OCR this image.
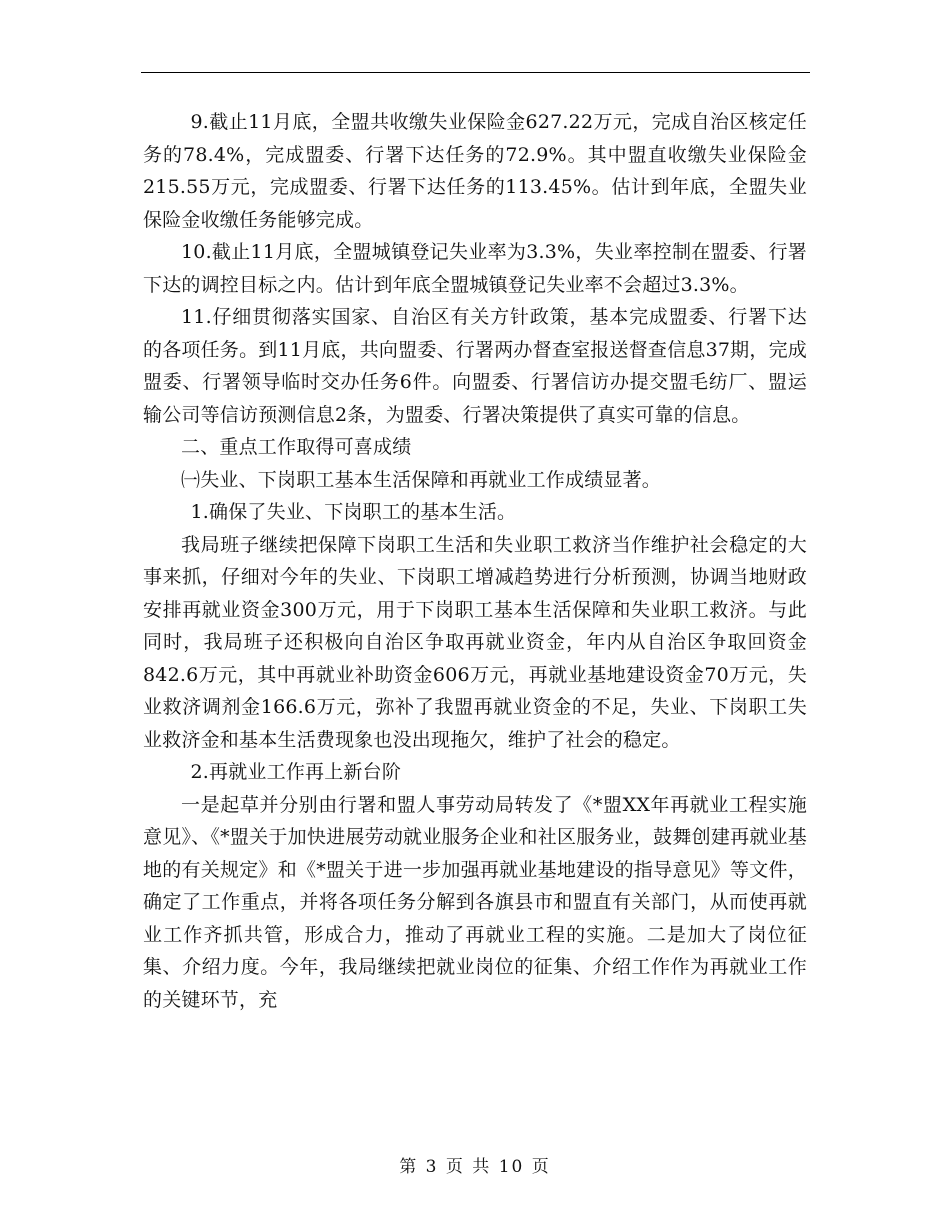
9.截止11月底，全盟共收缴失业保险金627.22万元，完成自治区核定任务的78.4%，完成盟委、行署下达任务的72.9%。其中盟直收缴失业保险金215.55万元，完成盟委、行署下达任务的113.45%。估计到年底，全盟失业保险金收缴任务能够完成。

10.截止11月底，全盟城镇登记失业率为3.3%，失业率控制在盟委、行署下达的调控目标之内。估计到年底全盟城镇登记失业率不会超过3.3%。

11.仔细贯彻落实国家、自治区有关方针政策，基本完成盟委、行署下达的各项任务。到11月底，共向盟委、行署两办督查室报送督查信息37期，完成盟委、行署领导临时交办任务6件。向盟委、行署信访办提交盟毛纺厂、盟运输公司等信访预测信息2条，为盟委、行署决策提供了真实可靠的信息。

二、重点工作取得可喜成绩

㈠失业、下岗职工基本生活保障和再就业工作成绩显著。

1.确保了失业、下岗职工的基本生活。

我局班子继续把保障下岗职工生活和失业职工救济当作维护社会稳定的大事来抓，仔细对今年的失业、下岗职工增减趋势进行分析预测，协调当地财政安排再就业资金300万元，用于下岗职工基本生活保障和失业职工救济。与此同时，我局班子还积极向自治区争取再就业资金，年内从自治区争取回资金842.6万元，其中再就业补助资金606万元，再就业基地建设资金70万元，失业救济调剂金166.6万元，弥补了我盟再就业资金的不足，失业、下岗职工失业救济金和基本生活费现象也没出现拖欠，维护了社会的稳定。

2.再就业工作再上新台阶

一是起草并分别由行署和盟人事劳动局转发了《*盟XX年再就业工程实施意见》、《*盟关于加快进展劳动就业服务企业和社区服务业，鼓舞创建再就业基地的有关规定》和《*盟关于进一步加强再就业基地建设的指导意见》等文件，确定了工作重点，并将各项任务分解到各旗县市和盟直有关部门，从而使再就业工作齐抓共管，形成合力，推动了再就业工程的实施。二是加大了岗位征集、介绍力度。今年，我局继续把就业岗位的征集、介绍工作作为再就业工作的关键环节，充

第 3 页 共 10 页
